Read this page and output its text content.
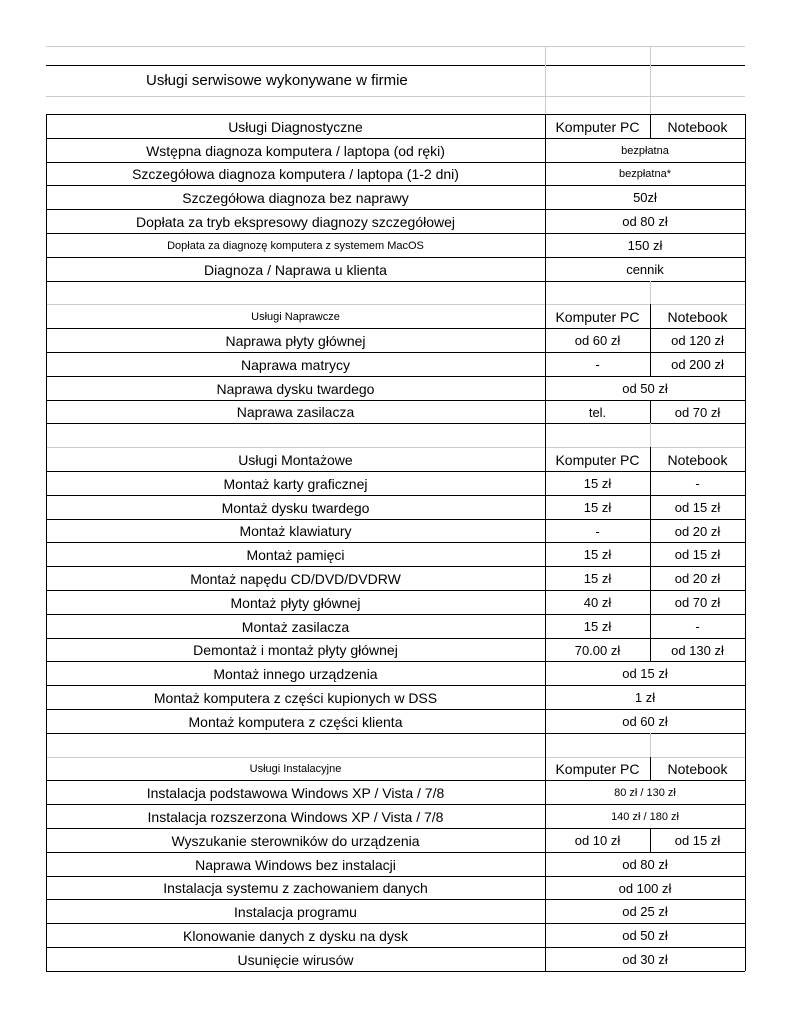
Usługi serwisowe wykonywane w firmie
Usługi Diagnostyczne	Komputer PC	Notebook
Wstępna diagnoza komputera / laptopa (od ręki)	bezpłatna
Szczegółowa diagnoza komputera / laptopa (1-2 dni)	bezpłatna*
Szczegółowa diagnoza bez naprawy	50zł
Dopłata za tryb ekspresowy diagnozy szczegółowej	od 80 zł
Dopłata za diagnozę komputera z systemem MacOS	150 zł
Diagnoza / Naprawa u klienta	cennik
Usługi Naprawcze	Komputer PC	Notebook
Naprawa płyty głównej	od 60 zł	od 120 zł
Naprawa matrycy	-	od 200 zł
Naprawa dysku twardego	od 50 zł
Naprawa zasilacza	tel.	od 70 zł
Usługi Montażowe	Komputer PC	Notebook
Montaż karty graficznej	15 zł	-
Montaż dysku twardego	15 zł	od 15 zł
Montaż klawiatury	-	od 20 zł
Montaż pamięci	15 zł	od 15 zł
Montaż napędu CD/DVD/DVDRW	15 zł	od 20 zł
Montaż płyty głównej	40 zł	od 70 zł
Montaż zasilacza	15 zł	-
Demontaż i montaż płyty głównej	70.00 zł	od 130 zł
Montaż innego urządzenia	od 15 zł
Montaż komputera z części kupionych w DSS	1 zł
Montaż komputera z części klienta	od 60 zł
Usługi Instalacyjne	Komputer PC	Notebook
Instalacja podstawowa Windows XP / Vista / 7/8	80 zł / 130 zł
Instalacja rozszerzona Windows XP / Vista / 7/8	140 zł / 180 zł
Wyszukanie sterowników do urządzenia	od 10 zł	od 15 zł
Naprawa Windows bez instalacji	od 80 zł
Instalacja systemu z zachowaniem danych	od 100 zł
Instalacja programu	od 25 zł
Klonowanie danych z dysku na dysk	od 50 zł
Usunięcie wirusów	od 30 zł
